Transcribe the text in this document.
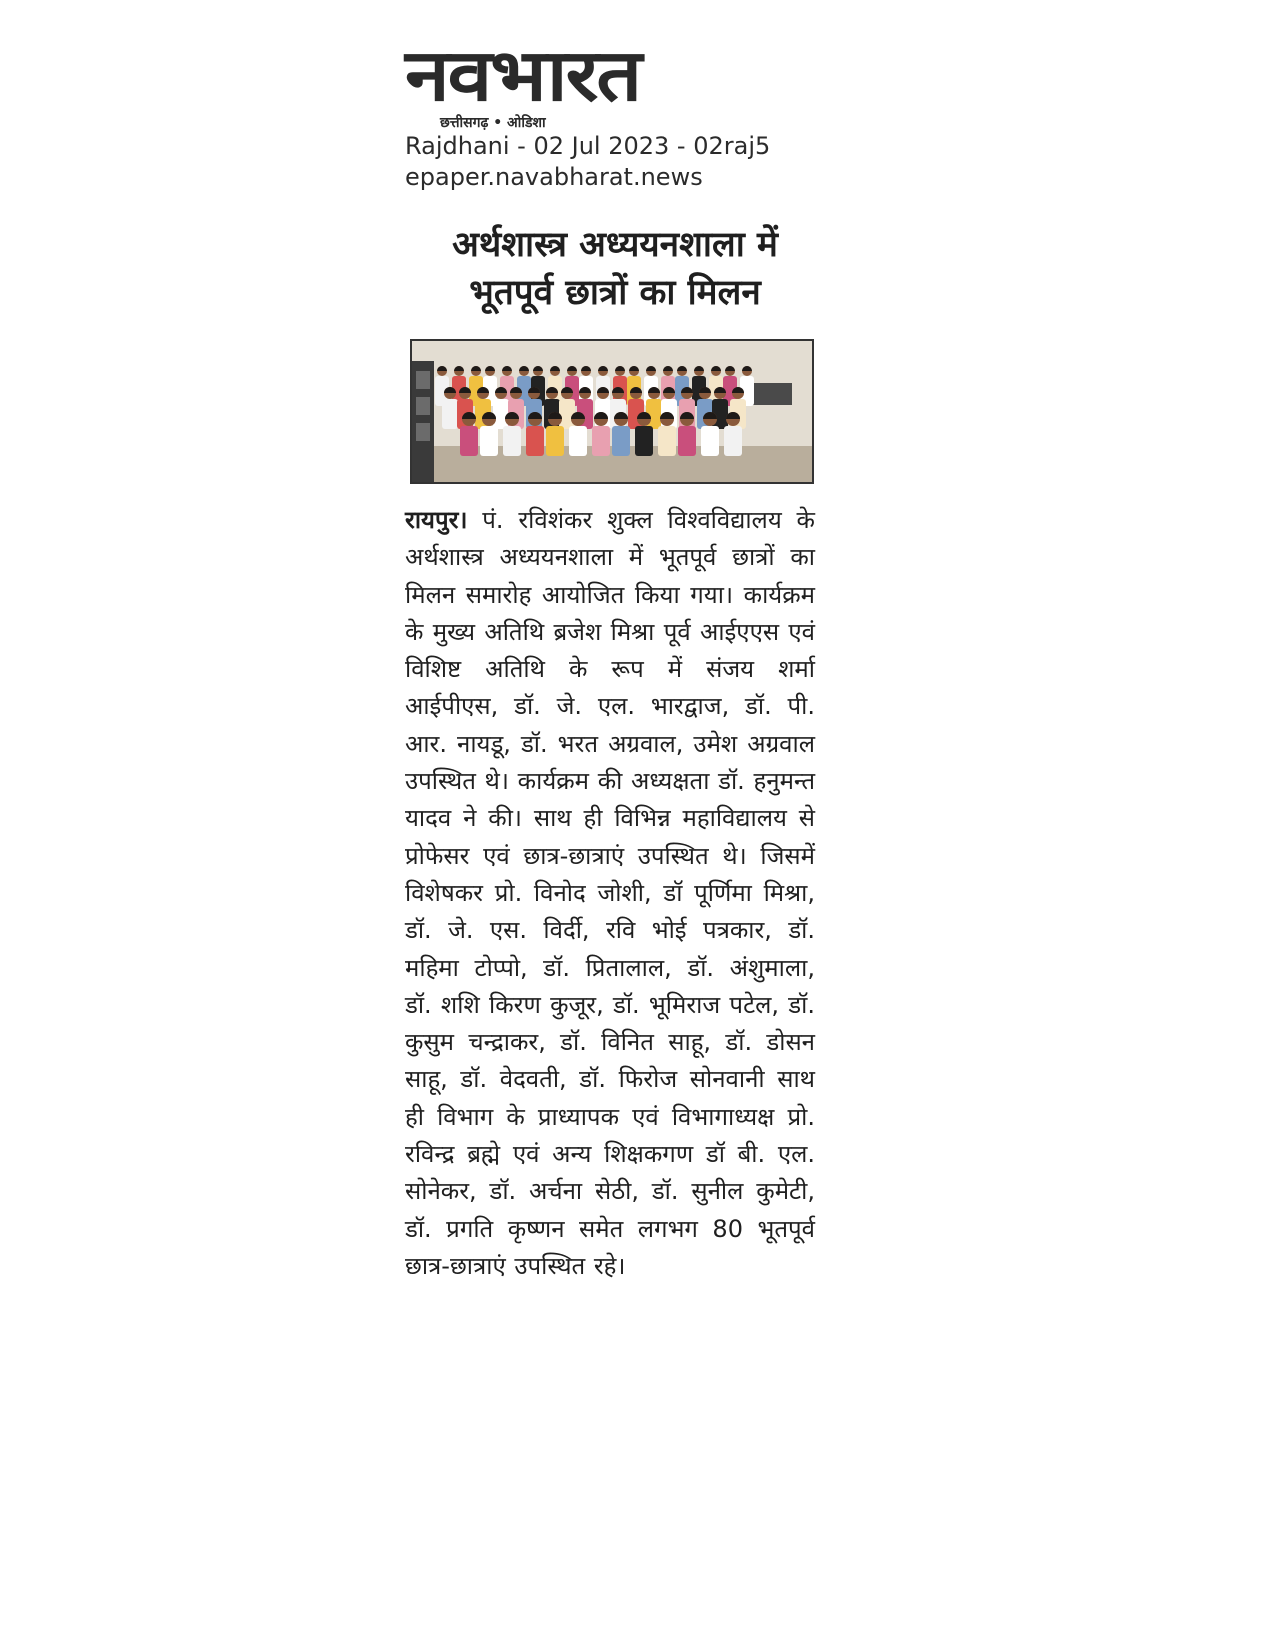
नवभारत
छत्तीसगढ़ • ओडिशा
Rajdhani - 02 Jul 2023 - 02raj5
epaper.navabharat.news
अर्थशास्त्र अध्ययनशाला में भूतपूर्व छात्रों का मिलन
रायपुर। पं. रविशंकर शुक्ल विश्वविद्यालय के अर्थशास्त्र अध्ययनशाला में भूतपूर्व छात्रों का मिलन समारोह आयोजित किया गया। कार्यक्रम के मुख्य अतिथि ब्रजेश मिश्रा पूर्व आईएएस एवं विशिष्ट अतिथि के रूप में संजय शर्मा आईपीएस, डॉ. जे. एल. भारद्वाज, डॉ. पी. आर. नायडू, डॉ. भरत अग्रवाल, उमेश अग्रवाल उपस्थित थे। कार्यक्रम की अध्यक्षता डॉ. हनुमन्त यादव ने की। साथ ही विभिन्न महाविद्यालय से प्रोफेसर एवं छात्र-छात्राएं उपस्थित थे। जिसमें विशेषकर प्रो. विनोद जोशी, डॉ पूर्णिमा मिश्रा, डॉ. जे. एस. विर्दी, रवि भोई पत्रकार, डॉ. महिमा टोप्पो, डॉ. प्रितालाल, डॉ. अंशुमाला, डॉ. शशि किरण कुजूर, डॉ. भूमिराज पटेल, डॉ. कुसुम चन्द्राकर, डॉ. विनित साहू, डॉ. डोसन साहू, डॉ. वेदवती, डॉ. फिरोज सोनवानी साथ ही विभाग के प्राध्यापक एवं विभागाध्यक्ष प्रो. रविन्द्र ब्रह्मे एवं अन्य शिक्षकगण डॉ बी. एल. सोनेकर, डॉ. अर्चना सेठी, डॉ. सुनील कुमेटी, डॉ. प्रगति कृष्णन समेत लगभग 80 भूतपूर्व छात्र-छात्राएं उपस्थित रहे।
